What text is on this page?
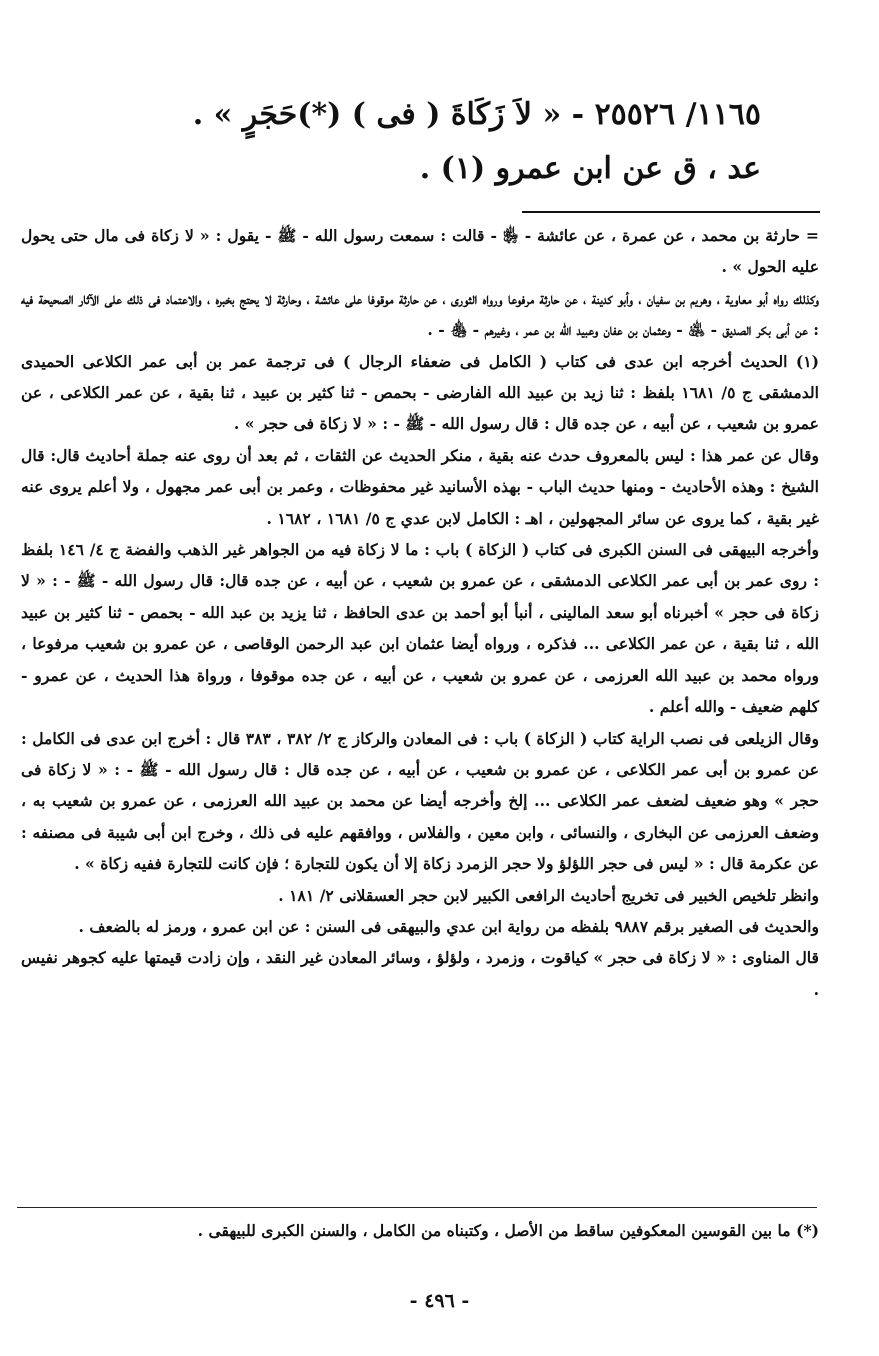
١١٦٥/ ٢٥٥٢٦ - « لاَ زَكَاةَ ( فى ) (*)حَجَرٍ » .
عد ، ق عن ابن عمرو (١) .

= حارثة بن محمد ، عن عمرة ، عن عائشة - ﵂ - قالت : سمعت رسول الله - ﷺ - يقول : « لا زكاة فى مال حتى يحول عليه الحول » .

وكذلك رواه أبو معاوية ، وهريم بن سفيان ، وأبو كدينة ، عن حارثة مرفوعا ورواه الثورى ، عن حارثة موقوفا على عائشة ، وحارثة لا يحتج بخبره ، والاعتماد فى ذلك على الآثار الصحيحة فيه : عن أبى بكر الصديق - ﵁ - وعثمان بن عفان وعبيد الله بن عمر ، وغيرهم - ﵃ - .

(١) الحديث أخرجه ابن عدى فى كتاب ( الكامل فى ضعفاء الرجال ) فى ترجمة عمر بن أبى عمر الكلاعى الحميدى الدمشقى ج ٥/ ١٦٨١ بلفظ : ثنا زيد بن عبيد الله الفارضى - بحمص - ثنا كثير بن عبيد ، ثنا بقية ، عن عمر الكلاعى ، عن عمرو بن شعيب ، عن أبيه ، عن جده قال : قال رسول الله - ﷺ - : « لا زكاة فى حجر » .

وقال عن عمر هذا : ليس بالمعروف حدث عنه بقية ، منكر الحديث عن الثقات ، ثم بعد أن روى عنه جملة أحاديث قال: قال الشيخ : وهذه الأحاديث - ومنها حديث الباب - بهذه الأسانيد غير محفوظات ، وعمر بن أبى عمر مجهول ، ولا أعلم يروى عنه غير بقية ، كما يروى عن سائر المجهولين ، اهـ : الكامل لابن عدي ج ٥/ ١٦٨١ ، ١٦٨٢ .

وأخرجه البيهقى فى السنن الكبرى فى كتاب ( الزكاة ) باب : ما لا زكاة فيه من الجواهر غير الذهب والفضة ج ٤/ ١٤٦ بلفظ : روى عمر بن أبى عمر الكلاعى الدمشقى ، عن عمرو بن شعيب ، عن أبيه ، عن جده قال: قال رسول الله - ﷺ - : « لا زكاة فى حجر » أخبرناه أبو سعد المالينى ، أنبأ أبو أحمد بن عدى الحافظ ، ثنا يزيد بن عبد الله - بحمص - ثنا كثير بن عبيد الله ، ثنا بقية ، عن عمر الكلاعى ... فذكره ، ورواه أيضا عثمان ابن عبد الرحمن الوقاصى ، عن عمرو بن شعيب مرفوعا ، ورواه محمد بن عبيد الله العرزمى ، عن عمرو بن شعيب ، عن أبيه ، عن جده موقوفا ، ورواة هذا الحديث ، عن عمرو - كلهم ضعيف - والله أعلم .

وقال الزيلعى فى نصب الراية كتاب ( الزكاة ) باب : فى المعادن والركاز ج ٢/ ٣٨٢ ، ٣٨٣ قال : أخرج ابن عدى فى الكامل : عن عمرو بن أبى عمر الكلاعى ، عن عمرو بن شعيب ، عن أبيه ، عن جده قال : قال رسول الله - ﷺ - : « لا زكاة فى حجر » وهو ضعيف لضعف عمر الكلاعى ... إلخ وأخرجه أيضا عن محمد بن عبيد الله العرزمى ، عن عمرو بن شعيب به ، وضعف العرزمى عن البخارى ، والنسائى ، وابن معين ، والفلاس ، ووافقهم عليه فى ذلك ، وخرج ابن أبى شيبة فى مصنفه : عن عكرمة قال : « ليس فى حجر اللؤلؤ ولا حجر الزمرد زكاة إلا أن يكون للتجارة ؛ فإن كانت للتجارة ففيه زكاة » .

وانظر تلخيص الخبير فى تخريج أحاديث الرافعى الكبير لابن حجر العسقلانى ٢/ ١٨١ .

والحديث فى الصغير برقم ٩٨٨٧ بلفظه من رواية ابن عدي والبيهقى فى السنن : عن ابن عمرو ، ورمز له بالضعف .

قال المناوى : « لا زكاة فى حجر » كياقوت ، وزمرد ، ولؤلؤ ، وسائر المعادن غير النقد ، وإن زادت قيمتها عليه كجوهر نفيس .

(*) ما بين القوسين المعكوفين ساقط من الأصل ، وكتبناه من الكامل ، والسنن الكبرى للبيهقى .
- ٤٩٦ -
